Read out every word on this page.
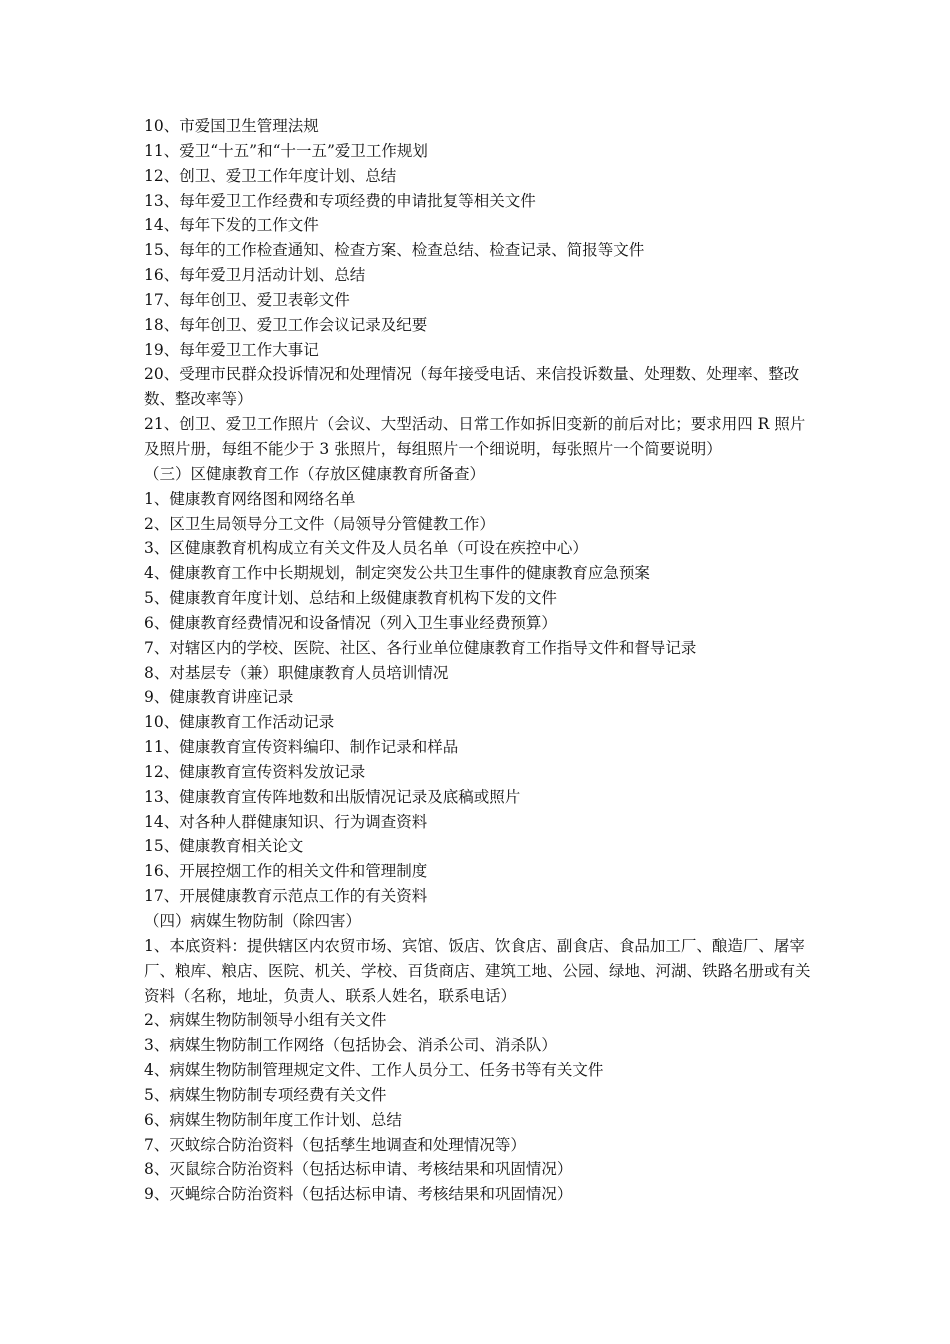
10、市爱国卫生管理法规
11、爱卫“十五”和“十一五”爱卫工作规划
12、创卫、爱卫工作年度计划、总结
13、每年爱卫工作经费和专项经费的申请批复等相关文件
14、每年下发的工作文件
15、每年的工作检查通知、检查方案、检查总结、检查记录、简报等文件
16、每年爱卫月活动计划、总结
17、每年创卫、爱卫表彰文件
18、每年创卫、爱卫工作会议记录及纪要
19、每年爱卫工作大事记
20、受理市民群众投诉情况和处理情况（每年接受电话、来信投诉数量、处理数、处理率、整改数、整改率等）
21、创卫、爱卫工作照片（会议、大型活动、日常工作如拆旧变新的前后对比；要求用四 R 照片及照片册，每组不能少于 3 张照片，每组照片一个细说明，每张照片一个简要说明）
（三）区健康教育工作（存放区健康教育所备查）
1、健康教育网络图和网络名单
2、区卫生局领导分工文件（局领导分管健教工作）
3、区健康教育机构成立有关文件及人员名单（可设在疾控中心）
4、健康教育工作中长期规划，制定突发公共卫生事件的健康教育应急预案
5、健康教育年度计划、总结和上级健康教育机构下发的文件
6、健康教育经费情况和设备情况（列入卫生事业经费预算）
7、对辖区内的学校、医院、社区、各行业单位健康教育工作指导文件和督导记录
8、对基层专（兼）职健康教育人员培训情况
9、健康教育讲座记录
10、健康教育工作活动记录
11、健康教育宣传资料编印、制作记录和样品
12、健康教育宣传资料发放记录
13、健康教育宣传阵地数和出版情况记录及底稿或照片
14、对各种人群健康知识、行为调查资料
15、健康教育相关论文
16、开展控烟工作的相关文件和管理制度
17、开展健康教育示范点工作的有关资料
（四）病媒生物防制（除四害）
1、本底资料：提供辖区内农贸市场、宾馆、饭店、饮食店、副食店、食品加工厂、酿造厂、屠宰厂、粮库、粮店、医院、机关、学校、百货商店、建筑工地、公园、绿地、河湖、铁路名册或有关资料（名称，地址，负责人、联系人姓名，联系电话）
2、病媒生物防制领导小组有关文件
3、病媒生物防制工作网络（包括协会、消杀公司、消杀队）
4、病媒生物防制管理规定文件、工作人员分工、任务书等有关文件
5、病媒生物防制专项经费有关文件
6、病媒生物防制年度工作计划、总结
7、灭蚊综合防治资料（包括孳生地调查和处理情况等）
8、灭鼠综合防治资料（包括达标申请、考核结果和巩固情况）
9、灭蝇综合防治资料（包括达标申请、考核结果和巩固情况）
